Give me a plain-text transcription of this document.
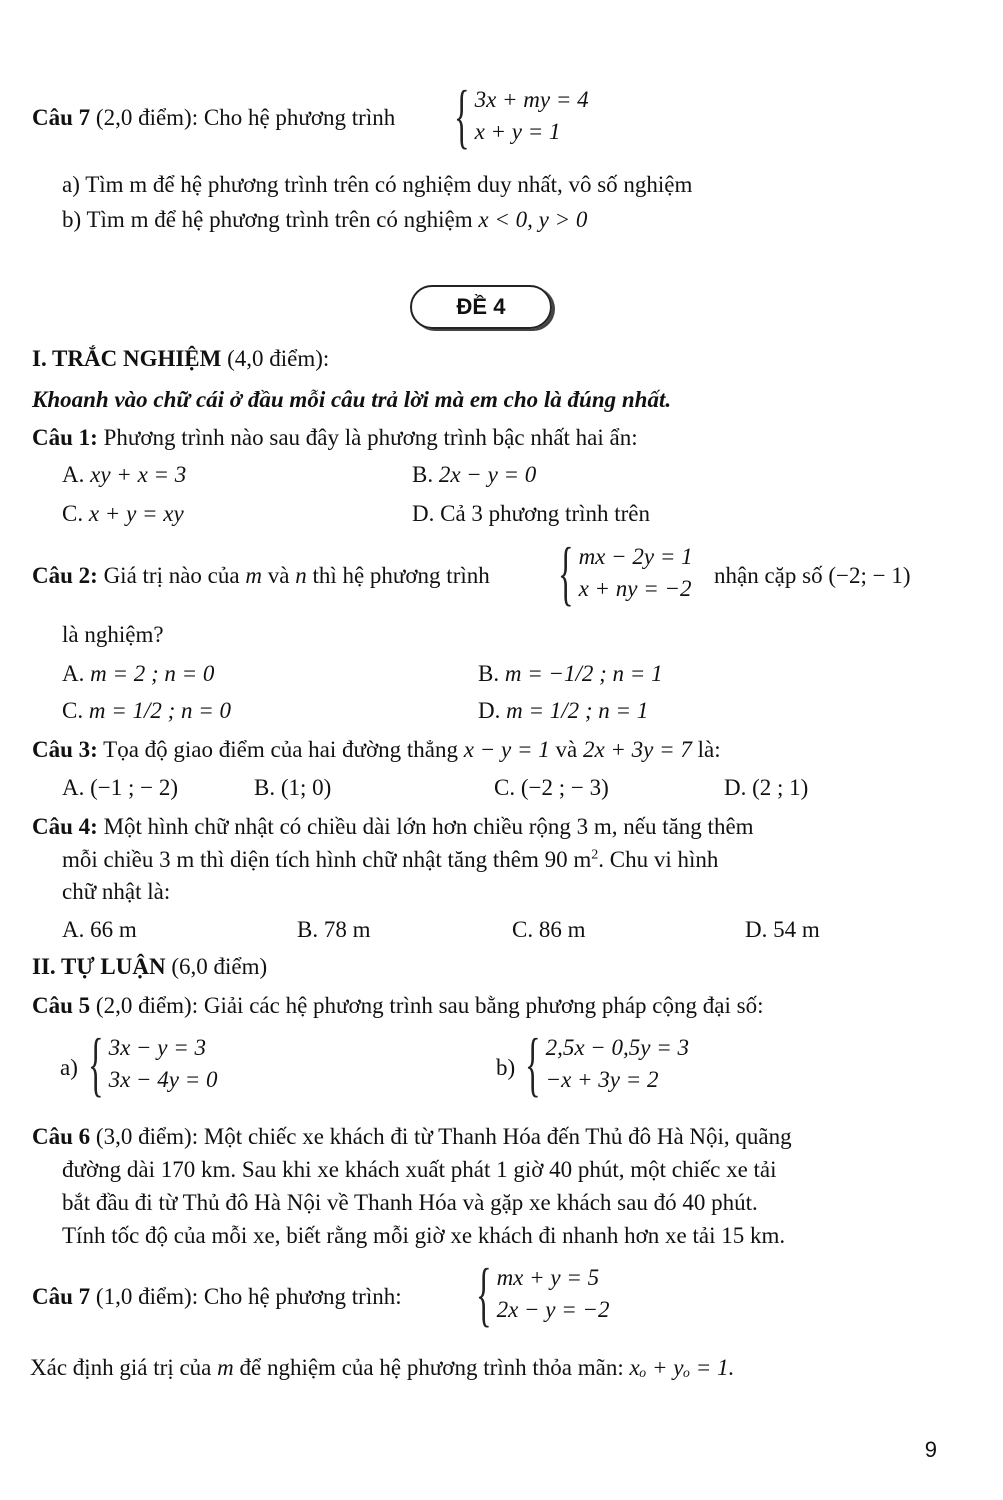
Câu 7 (2,0 điểm): Cho hệ phương trình { 3x + my = 4
x + y = 1
a) Tìm m để hệ phương trình trên có nghiệm duy nhất, vô số nghiệm
b) Tìm m để hệ phương trình trên có nghiệm x < 0, y > 0
ĐỀ 4
I. TRẮC NGHIỆM (4,0 điểm):
Khoanh vào chữ cái ở đầu mỗi câu trả lời mà em cho là đúng nhất.
Câu 1: Phương trình nào sau đây là phương trình bậc nhất hai ẩn:
A. xy + x = 3	B. 2x − y = 0
C. x + y = xy	D. Cả 3 phương trình trên
Câu 2: Giá trị nào của m và n thì hệ phương trình { mx − 2y = 1
x + ny = −2
nhận cặp số (−2; − 1)
là nghiệm?
A. m = 2 ; n = 0	B. m = −1/2 ; n = 1
C. m = 1/2 ; n = 0	D. m = 1/2 ; n = 1
Câu 3: Tọa độ giao điểm của hai đường thẳng x − y = 1 và 2x + 3y = 7 là:
A. (−1 ; − 2)	B. (1; 0)	C. (−2 ; − 3)	D. (2 ; 1)
Câu 4: Một hình chữ nhật có chiều dài lớn hơn chiều rộng 3 m, nếu tăng thêm
mỗi chiều 3 m thì diện tích hình chữ nhật tăng thêm 90 $m^2$. Chu vi hình
chữ nhật là:
A. 66 m	B. 78 m	C. 86 m	D. 54 m
II. TỰ LUẬN (6,0 điểm)
Câu 5 (2,0 điểm): Giải các hệ phương trình sau bằng phương pháp cộng đại số:
a) { 3x − y = 3
3x − 4y = 0	b) { 2,5x − 0,5y = 3
−x + 3y = 2
Câu 6 (3,0 điểm): Một chiếc xe khách đi từ Thanh Hóa đến Thủ đô Hà Nội, quãng
đường dài 170 km. Sau khi xe khách xuất phát 1 giờ 40 phút, một chiếc xe tải
bắt đầu đi từ Thủ đô Hà Nội về Thanh Hóa và gặp xe khách sau đó 40 phút.
Tính tốc độ của mỗi xe, biết rằng mỗi giờ xe khách đi nhanh hơn xe tải 15 km.
Câu 7 (1,0 điểm): Cho hệ phương trình: { mx + y = 5
2x − y = −2
Xác định giá trị của m để nghiệm của hệ phương trình thỏa mãn: xₒ + yₒ = 1.
9
